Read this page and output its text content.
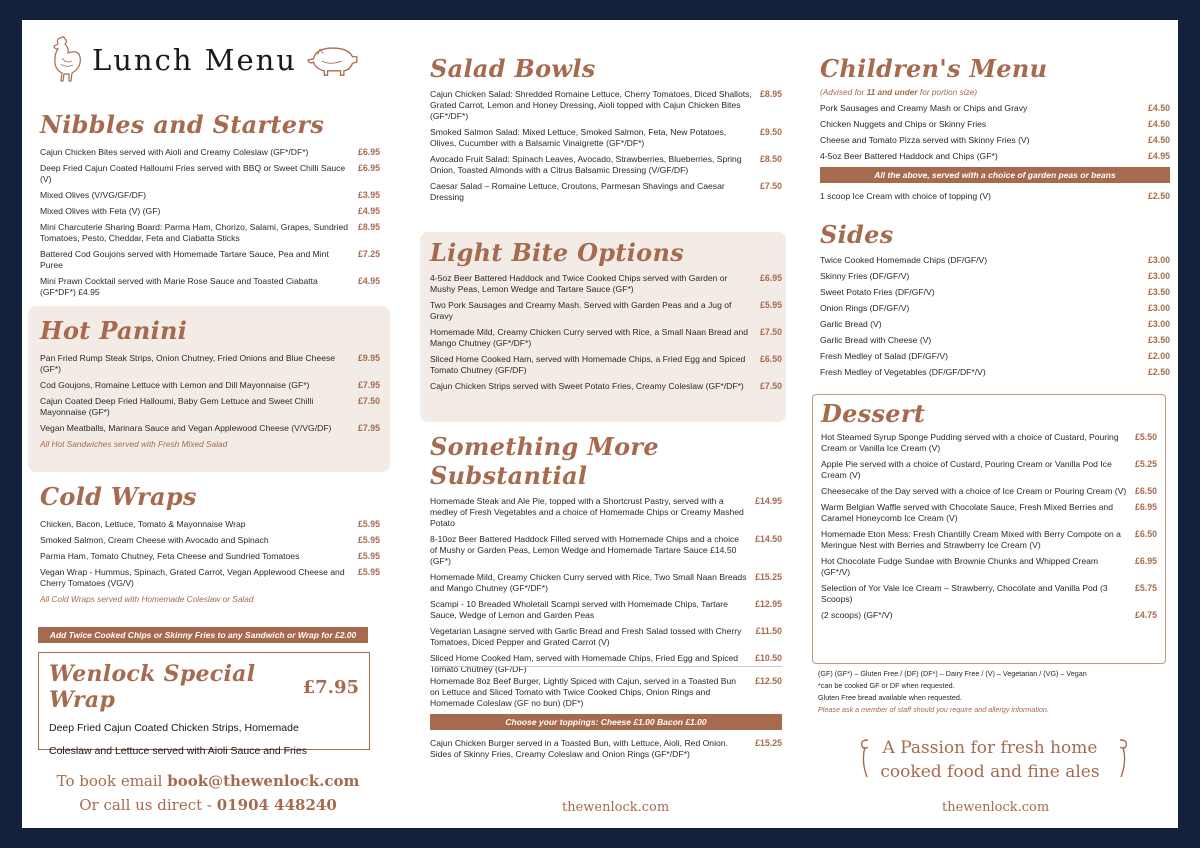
Lunch Menu
Nibbles and Starters
Cajun Chicken Bites served with Aioli and Creamy Coleslaw (GF*/DF*)	£6.95
Deep Fried Cajun Coated Halloumi Fries served with BBQ or Sweet Chilli Sauce (V)
£6.95
Mixed Olives (V/VG/GF/DF)	£3.95
Mixed Olives with Feta (V) (GF)	£4.95
Mini Charcuterie Sharing Board: Parma Ham, Chorizo, Salami, Grapes, Sundried Tomatoes, Pesto, Cheddar, Feta and Ciabatta Sticks
£8.95
Battered Cod Goujons served with Homemade Tartare Sauce, Pea and Mint Puree
£7.25
Mini Prawn Cocktail served with Marie Rose Sauce and Toasted Ciabatta (GF*DF*) £4.95
£4.95
Hot Panini
Pan Fried Rump Steak Strips, Onion Chutney, Fried Onions and Blue Cheese (GF*)
£9.95
Cod Goujons, Romaine Lettuce with Lemon and Dill Mayonnaise (GF*)	£7.95
Cajun Coated Deep Fried Halloumi, Baby Gem Lettuce and Sweet Chilli Mayonnaise (GF*)
£7.50
Vegan Meatballs, Marinara Sauce and Vegan Applewood Cheese (V/VG/DF)	£7.95
All Hot Sandwiches served with Fresh Mixed Salad
Cold Wraps
Chicken, Bacon, Lettuce, Tomato & Mayonnaise Wrap	£5.95
Smoked Salmon, Cream Cheese with Avocado and Spinach	£5.95
Parma Ham, Tomato Chutney, Feta Cheese and Sundried Tomatoes	£5.95
Vegan Wrap - Hummus, Spinach, Grated Carrot, Vegan Applewood Cheese and Cherry Tomatoes (VG/V)
£5.95
All Cold Wraps served with Homemade Coleslaw or Salad
Add Twice Cooked Chips or Skinny Fries to any Sandwich or Wrap for £2.00
Wenlock Special Wrap	£7.95
Deep Fried Cajun Coated Chicken Strips, Homemade
Coleslaw and Lettuce served with Aioli Sauce and Fries
To book email book@thewenlock.com
Or call us direct - 01904 448240
Salad Bowls
Cajun Chicken Salad: Shredded Romaine Lettuce, Cherry Tomatoes, Diced Shallots, Grated Carrot, Lemon and Honey Dressing, Aioli topped with Cajun Chicken Bites (GF*/DF*)
£8.95
Smoked Salmon Salad: Mixed Lettuce, Smoked Salmon, Feta, New Potatoes, Olives, Cucumber with a Balsamic Vinaigrette (GF*/DF*)
£9.50
Avocado Fruit Salad: Spinach Leaves, Avocado, Strawberries, Blueberries, Spring Onion, Toasted Almonds with a Citrus Balsamic Dressing (V/GF/DF)
£8.50
Caesar Salad – Romaine Lettuce, Croutons, Parmesan Shavings and Caesar Dressing
£7.50
Light Bite Options
4-5oz Beer Battered Haddock and Twice Cooked Chips served with Garden or Mushy Peas, Lemon Wedge and Tartare Sauce (GF*)
£6.95
Two Pork Sausages and Creamy Mash. Served with Garden Peas and a Jug of Gravy
£5.95
Homemade Mild, Creamy Chicken Curry served with Rice, a Small Naan Bread and Mango Chutney (GF*/DF*)
£7.50
Sliced Home Cooked Ham, served with Homemade Chips, a Fried Egg and Spiced Tomato Chutney (GF/DF)
£6.50
Cajun Chicken Strips served with Sweet Potato Fries, Creamy Coleslaw (GF*/DF*)	£7.50
Something More Substantial
Homemade Steak and Ale Pie, topped with a Shortcrust Pastry, served with a medley of Fresh Vegetables and a choice of Homemade Chips or Creamy Mashed Potato
£14.95
8-10oz Beer Battered Haddock Filled served with Homemade Chips and a choice of Mushy or Garden Peas, Lemon Wedge and Homemade Tartare Sauce £14.50 (GF*)
£14.50
Homemade Mild, Creamy Chicken Curry served with Rice, Two Small Naan Breads and Mango Chutney (GF*/DF*)
£15.25
Scampi - 10 Breaded Wholetail Scampi served with Homemade Chips, Tartare Sauce, Wedge of Lemon and Garden Peas
£12.95
Vegetarian Lasagne served with Garlic Bread and Fresh Salad tossed with Cherry Tomatoes, Diced Pepper and Grated Carrot (V)
£11.50
Sliced Home Cooked Ham, served with Homemade Chips, Fried Egg and Spiced Tomato Chutney (GF/DF)
£10.50
Homemade 8oz Beef Burger, Lightly Spiced with Cajun, served in a Toasted Bun on Lettuce and Sliced Tomato with Twice Cooked Chips, Onion Rings and Homemade Coleslaw (GF no bun) (DF*)
£12.50
Choose your toppings: Cheese £1.00 Bacon £1.00
Cajun Chicken Burger served in a Toasted Bun, with Lettuce, Aioli, Red Onion. Sides of Skinny Fries, Creamy Coleslaw and Onion Rings (GF*/DF*)
£15.25
thewenlock.com
Children's Menu
(Advised for 11 and under for portion size)
Pork Sausages and Creamy Mash or Chips and Gravy	£4.50
Chicken Nuggets and Chips or Skinny Fries	£4.50
Cheese and Tomato Pizza served with Skinny Fries (V)	£4.50
4-5oz Beer Battered Haddock and Chips (GF*)	£4.95
All the above, served with a choice of garden peas or beans
1 scoop Ice Cream with choice of topping (V)	£2.50
Sides
Twice Cooked Homemade Chips (DF/GF/V)	£3.00
Skinny Fries (DF/GF/V)	£3.00
Sweet Potato Fries (DF/GF/V)	£3.50
Onion Rings (DF/GF/V)	£3.00
Garlic Bread (V)	£3.00
Garlic Bread with Cheese (V)	£3.50
Fresh Medley of Salad (DF/GF/V)	£2.00
Fresh Medley of Vegetables (DF/GF/DF*/V)	£2.50
Dessert
Hot Steamed Syrup Sponge Pudding served with a choice of Custard, Pouring Cream or Vanilla Ice Cream (V)
£5.50
Apple Pie served with a choice of Custard, Pouring Cream or Vanilla Pod Ice Cream (V)
£5.25
Cheesecake of the Day served with a choice of Ice Cream or Pouring Cream (V) £6.50
Warm Belgian Waffle served with Chocolate Sauce, Fresh Mixed Berries and Caramel Honeycomb Ice Cream (V)
£6.95
Homemade Eton Mess: Fresh Chantilly Cream Mixed with Berry Compote on a Meringue Nest with Berries and Strawberry Ice Cream (V)
£6.50
Hot Chocolate Fudge Sundae with Brownie Chunks and Whipped Cream (GF*/V)
£6.95
Selection of Yor Vale Ice Cream – Strawberry, Chocolate and Vanilla Pod (3 Scoops)
£5.75
(2 scoops) (GF*/V)	£4.75
(GF) (GF*) – Gluten Free / (DF) (DF*) – Dairy Free / (V) – Vegetarian / (VG) – Vegan
*can be cooked GF or DF when requested.
Gluten Free bread available when requested.
Please ask a member of staff should you require and allergy information.
A Passion for fresh home
cooked food and fine ales
thewenlock.com
